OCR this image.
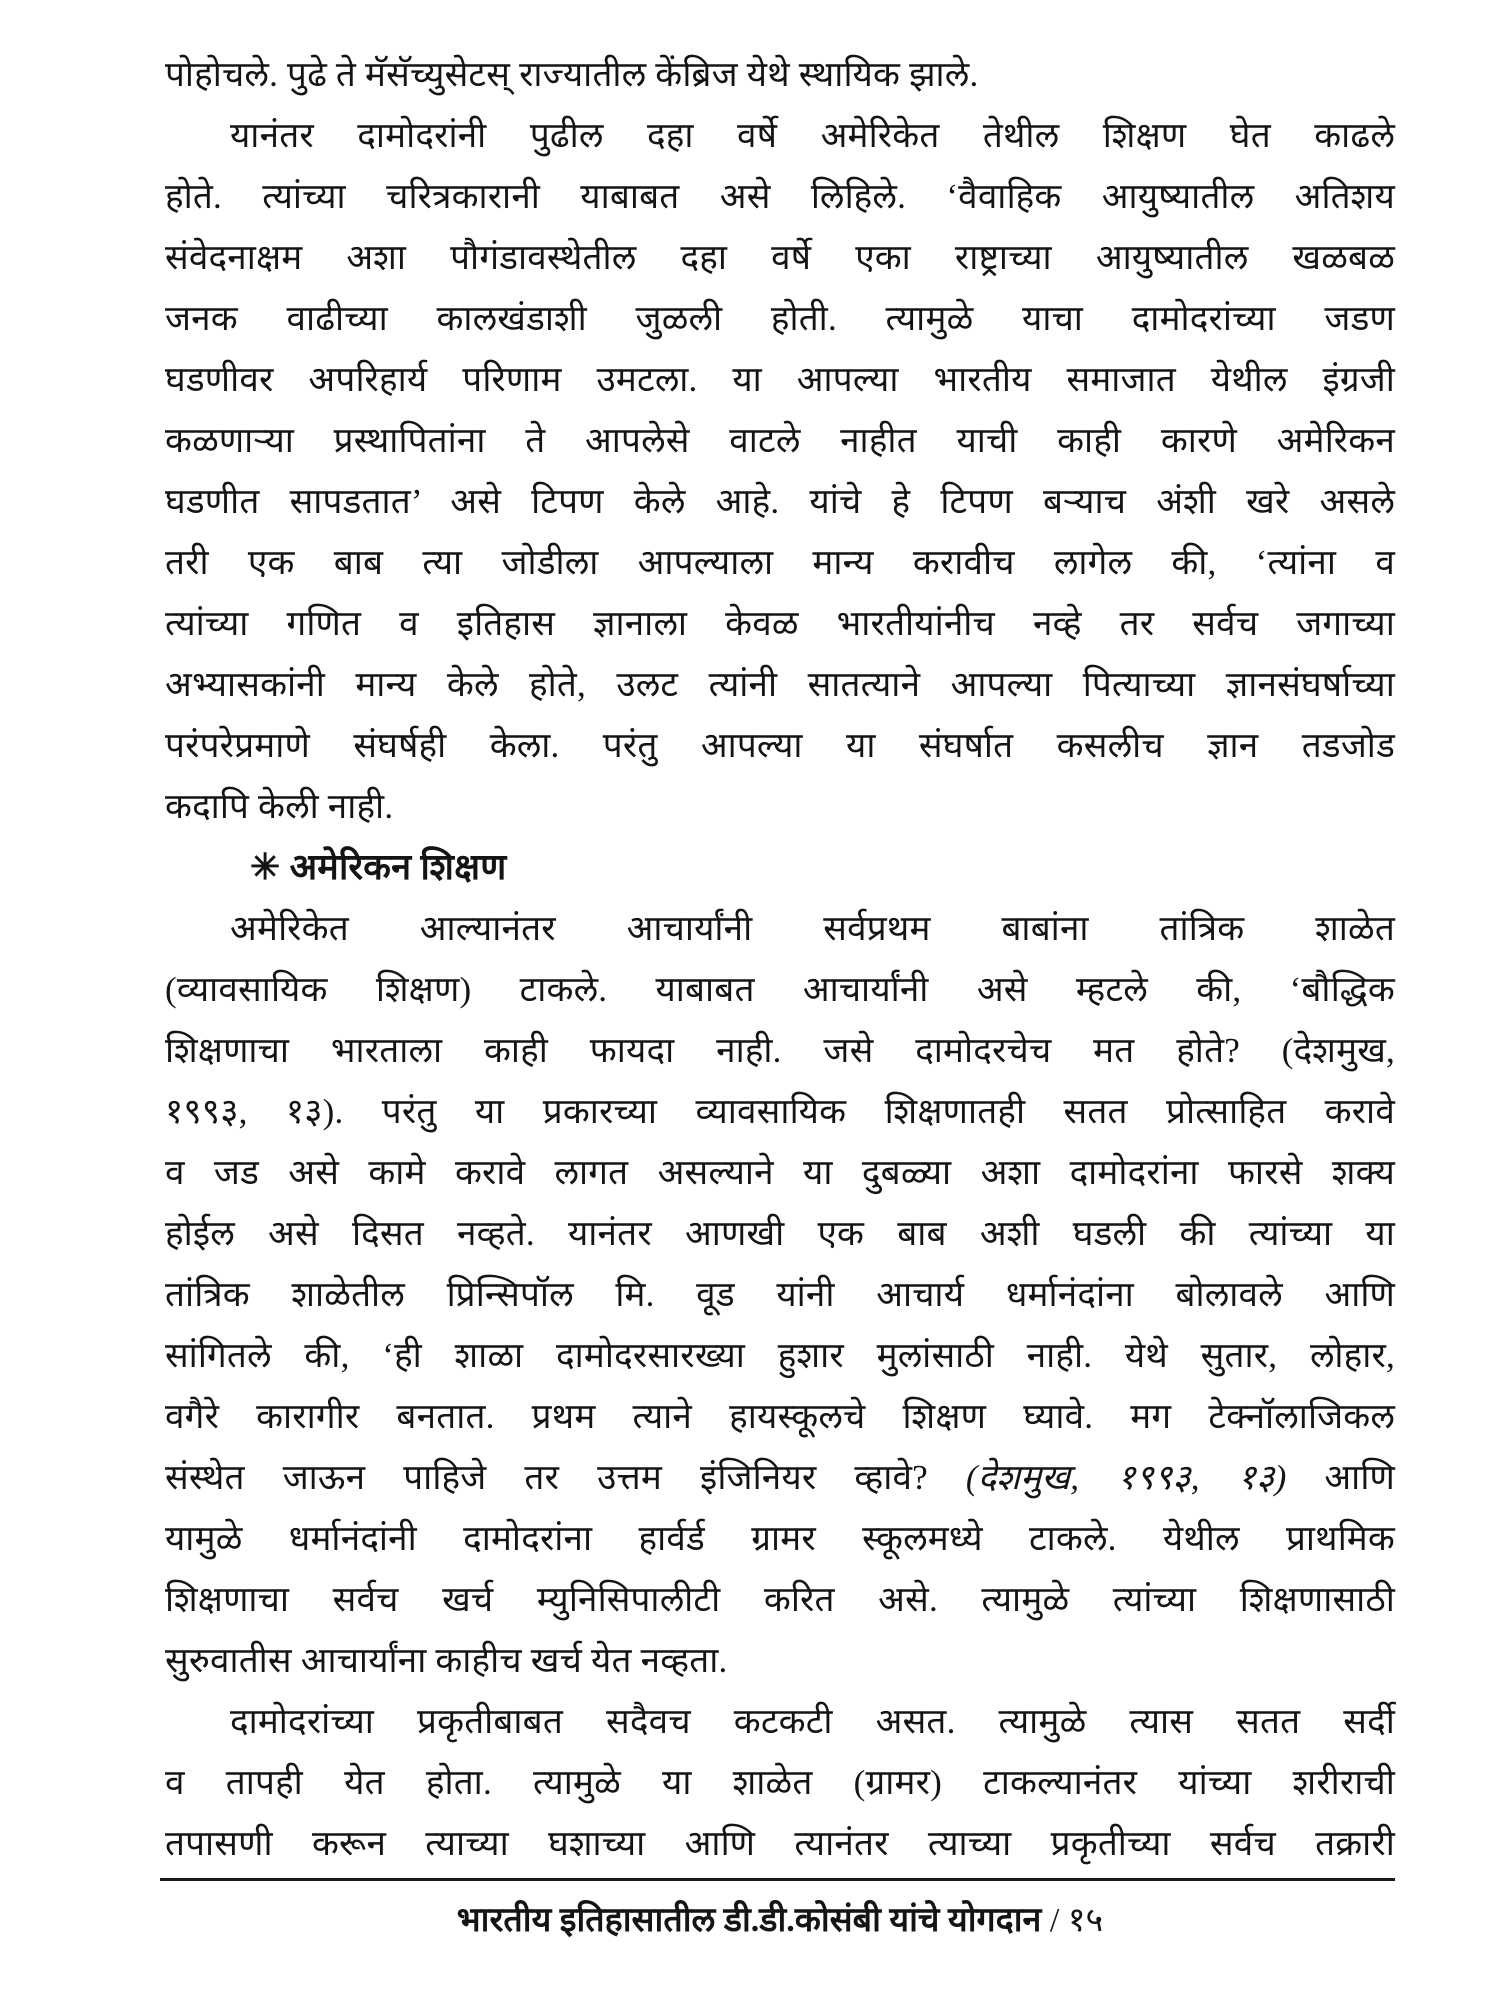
पोहोचले. पुढे ते मॅसॅच्युसेटस् राज्यातील केंब्रिज येथे स्थायिक झाले.
यानंतर दामोदरांनी पुढील दहा वर्षे अमेरिकेत तेथील शिक्षण घेत काढले
होते. त्यांच्या चरित्रकारानी याबाबत असे लिहिले. ‘वैवाहिक आयुष्यातील अतिशय
संवेदनाक्षम अशा पौगंडावस्थेतील दहा वर्षे एका राष्ट्राच्या आयुष्यातील खळबळ
जनक वाढीच्या कालखंडाशी जुळली होती. त्यामुळे याचा दामोदरांच्या जडण
घडणीवर अपरिहार्य परिणाम उमटला. या आपल्या भारतीय समाजात येथील इंग्रजी
कळणाऱ्या प्रस्थापितांना ते आपलेसे वाटले नाहीत याची काही कारणे अमेरिकन
घडणीत सापडतात’ असे टिपण केले आहे. यांचे हे टिपण बऱ्याच अंशी खरे असले
तरी एक बाब त्या जोडीला आपल्याला मान्य करावीच लागेल की, ‘त्यांना व
त्यांच्या गणित व इतिहास ज्ञानाला केवळ भारतीयांनीच नव्हे तर सर्वच जगाच्या
अभ्यासकांनी मान्य केले होते, उलट त्यांनी सातत्याने आपल्या पित्याच्या ज्ञानसंघर्षाच्या
परंपरेप्रमाणे संघर्षही केला. परंतु आपल्या या संघर्षात कसलीच ज्ञान तडजोड
कदापि केली नाही.
✳ अमेरिकन शिक्षण
अमेरिकेत आल्यानंतर आचार्यांनी सर्वप्रथम बाबांना तांत्रिक शाळेत
(व्यावसायिक शिक्षण) टाकले. याबाबत आचार्यांनी असे म्हटले की, ‘बौद्धिक
शिक्षणाचा भारताला काही फायदा नाही. जसे दामोदरचेच मत होते? (देशमुख,
१९९३, १३). परंतु या प्रकारच्या व्यावसायिक शिक्षणातही सतत प्रोत्साहित करावे
व जड असे कामे करावे लागत असल्याने या दुबळ्या अशा दामोदरांना फारसे शक्य
होईल असे दिसत नव्हते. यानंतर आणखी एक बाब अशी घडली की त्यांच्या या
तांत्रिक शाळेतील प्रिन्सिपॉल मि. वूड यांनी आचार्य धर्मानंदांना बोलावले आणि
सांगितले की, ‘ही शाळा दामोदरसारख्या हुशार मुलांसाठी नाही. येथे सुतार, लोहार,
वगैरे कारागीर बनतात. प्रथम त्याने हायस्कूलचे शिक्षण घ्यावे. मग टेक्नॉलाजिकल
संस्थेत जाऊन पाहिजे तर उत्तम इंजिनियर व्हावे? (देशमुख, १९९३, १३) आणि
यामुळे धर्मानंदांनी दामोदरांना हार्वर्ड ग्रामर स्कूलमध्ये टाकले. येथील प्राथमिक
शिक्षणाचा सर्वच खर्च म्युनिसिपालीटी करित असे. त्यामुळे त्यांच्या शिक्षणासाठी
सुरुवातीस आचार्यांना काहीच खर्च येत नव्हता.
दामोदरांच्या प्रकृतीबाबत सदैवच कटकटी असत. त्यामुळे त्यास सतत सर्दी
व तापही येत होता. त्यामुळे या शाळेत (ग्रामर) टाकल्यानंतर यांच्या शरीराची
तपासणी करून त्याच्या घशाच्या आणि त्यानंतर त्याच्या प्रकृतीच्या सर्वच तक्रारी
भारतीय इतिहासातील डी.डी.कोसंबी यांचे योगदान / १५
